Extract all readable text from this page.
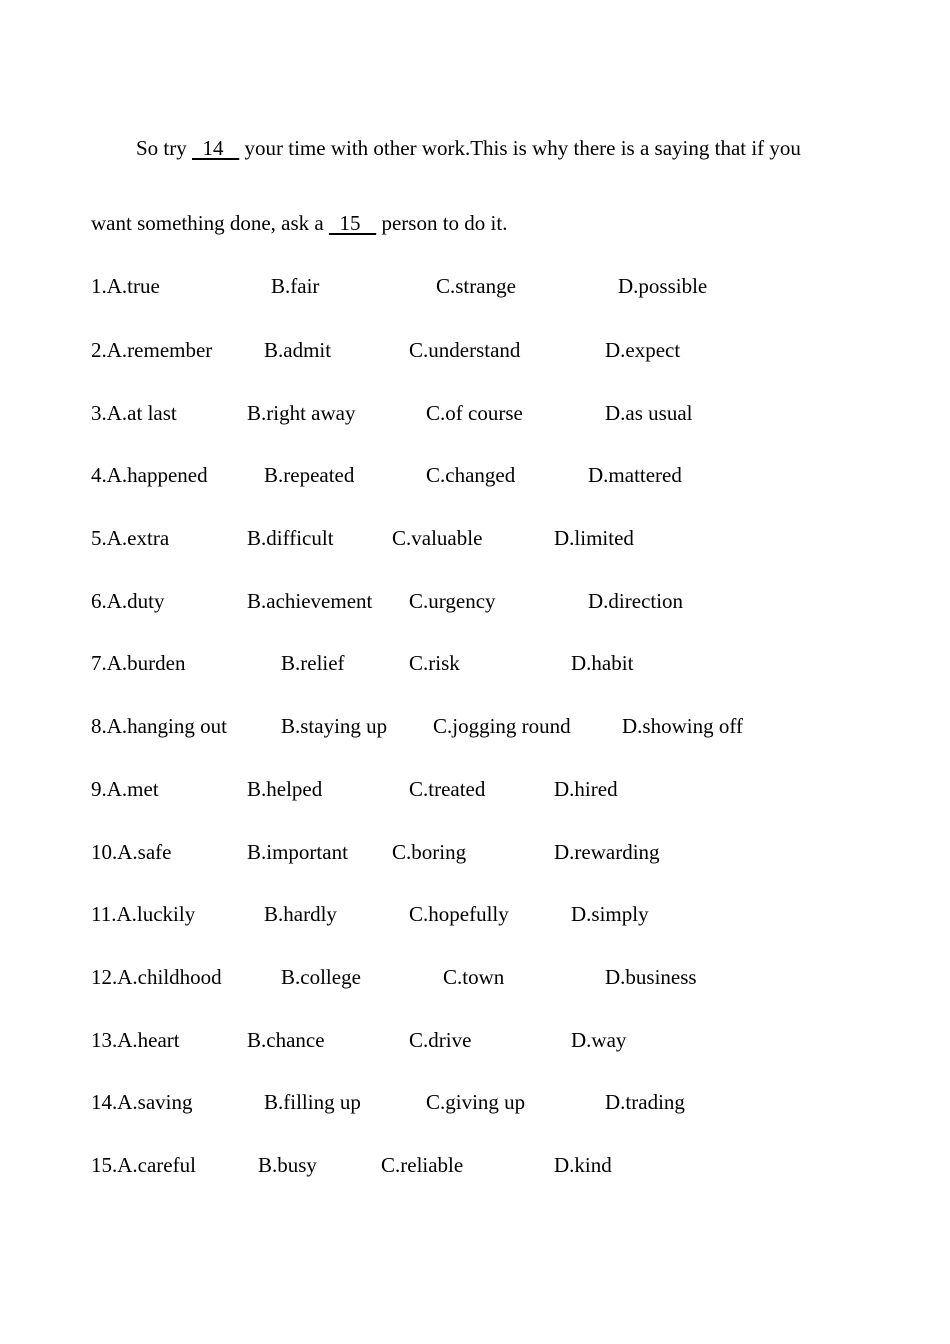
So try   14    your time with other work.This is why there is a saying that if you
want something done, ask a   15    person to do it.
1.A.true	B.fair	C.strange	D.possible
2.A.remember B.admit	C.understand	D.expect
3.A.at last	B.right away	C.of course	D.as usual
4.A.happened	B.repeated	C.changed	D.mattered
5.A.extra	B.difficult	C.valuable	D.limited
6.A.duty	B.achievement C.urgency	D.direction
7.A.burden	B.relief	C.risk	D.habit
8.A.hanging out	B.staying up C.jogging round D.showing off
9.A.met	B.helped	C.treated	D.hired
10.A.safe	B.important C.boring	D.rewarding
11.A.luckily	B.hardly	C.hopefully	D.simply
12.A.childhood	B.college	C.town	D.business
13.A.heart	B.chance	C.drive	D.way
14.A.saving	B.filling up	C.giving up	D.trading
15.A.careful	B.busy	C.reliable	D.kind
